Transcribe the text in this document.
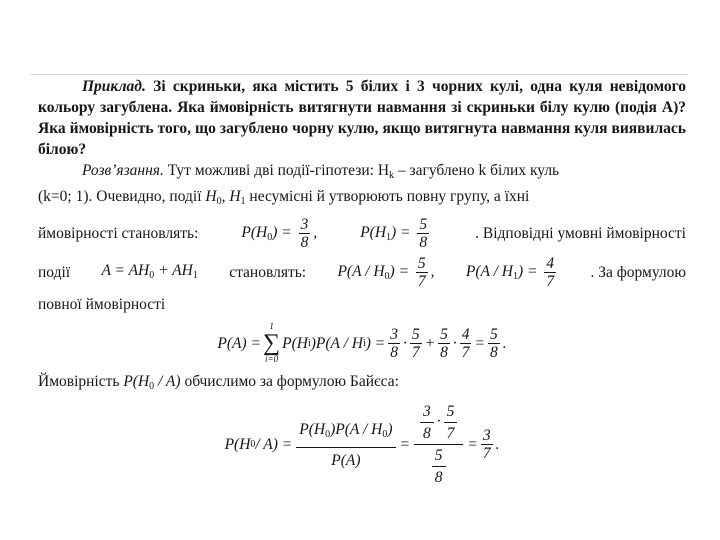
Приклад. Зі скриньки, яка містить 5 білих і 3 чорних кулі, одна куля невідомого кольору загублена. Яка ймовірність витягнути навмання зі скриньки білу кулю (подія A)? Яка ймовірність того, що загублено чорну кулю, якщо витягнута навмання куля виявилась білою?

Розв’язання. Тут можливі дві події-гіпотези: $H_k$ – загублено k білих куль

(k=0; 1). Очевидно, події $H_0$, $H_1$ несумісні й утворюють повну групу, а їхні

ймовірності становлять:	$P(H_0) = \frac{3}{8}$ ,	$P(H_1) = \frac{5}{8}$	. Відповідні умовні ймовірності
події $A = AH_0 + AH_1$ становлять: $P(A / H_0) = \frac{5}{7}$ , $P(A / H_1) = \frac{4}{7}$ . За формулою

повної ймовірності

P(A) =
1
∑
i=0
P(H i )P(A / H i ) = $\frac{3}{8} \cdot \frac{5}{7} + \frac{5}{8} \cdot \frac{4}{7} = \frac{5}{8}$ .

Ймовірність $P(H_0 / A)$ обчислимо за формулою Байєса:

P(H $0 / A) = \frac{P(H_0)P(A / H_0)}{P(A)} = \frac{\frac{3}{8} \cdot \frac{5}{7}}{\frac{5}{8}} = \frac{3}{7}$ .
